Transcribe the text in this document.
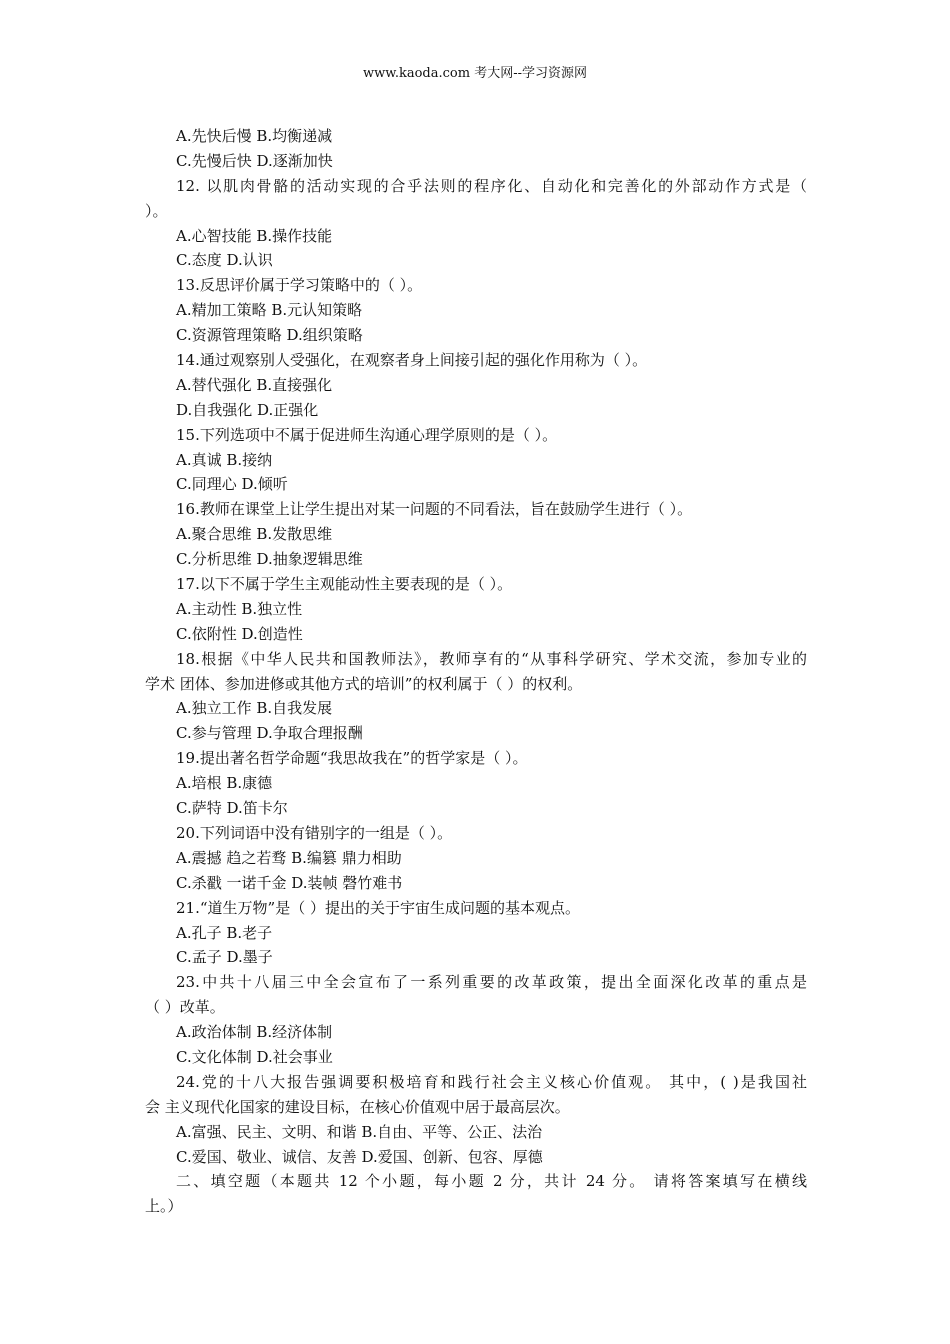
www.kaoda.com 考大网--学习资源网
A.先快后慢 B.均衡递减
C.先慢后快 D.逐渐加快
12. 以肌肉骨骼的活动实现的合乎法则的程序化、自动化和完善化的外部动作方式是（
）。
A.心智技能 B.操作技能
C.态度 D.认识
13.反思评价属于学习策略中的（ ）。
A.精加工策略 B.元认知策略
C.资源管理策略 D.组织策略
14.通过观察别人受强化，在观察者身上间接引起的强化作用称为（ ）。
A.替代强化 B.直接强化
D.自我强化 D.正强化
15.下列选项中不属于促进师生沟通心理学原则的是（ ）。
A.真诚 B.接纳
C.同理心 D.倾听
16.教师在课堂上让学生提出对某一问题的不同看法，旨在鼓励学生进行（ ）。
A.聚合思维 B.发散思维
C.分析思维 D.抽象逻辑思维
17.以下不属于学生主观能动性主要表现的是（ ）。
A.主动性 B.独立性
C.依附性 D.创造性
18.根据《中华人民共和国教师法》，教师享有的“从事科学研究、学术交流，参加专业的
学术 团体、参加进修或其他方式的培训”的权利属于（ ）的权利。
A.独立工作 B.自我发展
C.参与管理 D.争取合理报酬
19.提出著名哲学命题“我思故我在”的哲学家是（ ）。
A.培根 B.康德
C.萨特 D.笛卡尔
20.下列词语中没有错别字的一组是（ ）。
A.震撼 趋之若骛 B.编篡 鼎力相助
C.杀戳 一诺千金 D.装帧 磬竹难书
21.“道生万物”是（ ）提出的关于宇宙生成问题的基本观点。
A.孔子 B.老子
C.孟子 D.墨子
23.中共十八届三中全会宣布了一系列重要的改革政策，提出全面深化改革的重点是
（ ）改革。
A.政治体制 B.经济体制
C.文化体制 D.社会事业
24.党的十八大报告强调要积极培育和践行社会主义核心价值观。 其中，( )是我国社
会 主义现代化国家的建设目标，在核心价值观中居于最高层次。
A.富强、民主、文明、和谐 B.自由、平等、公正、法治
C.爱国、敬业、诚信、友善 D.爱国、创新、包容、厚德
二、填空题（本题共 12 个小题，每小题 2 分，共计 24 分。 请将答案填写在横线
上。）
